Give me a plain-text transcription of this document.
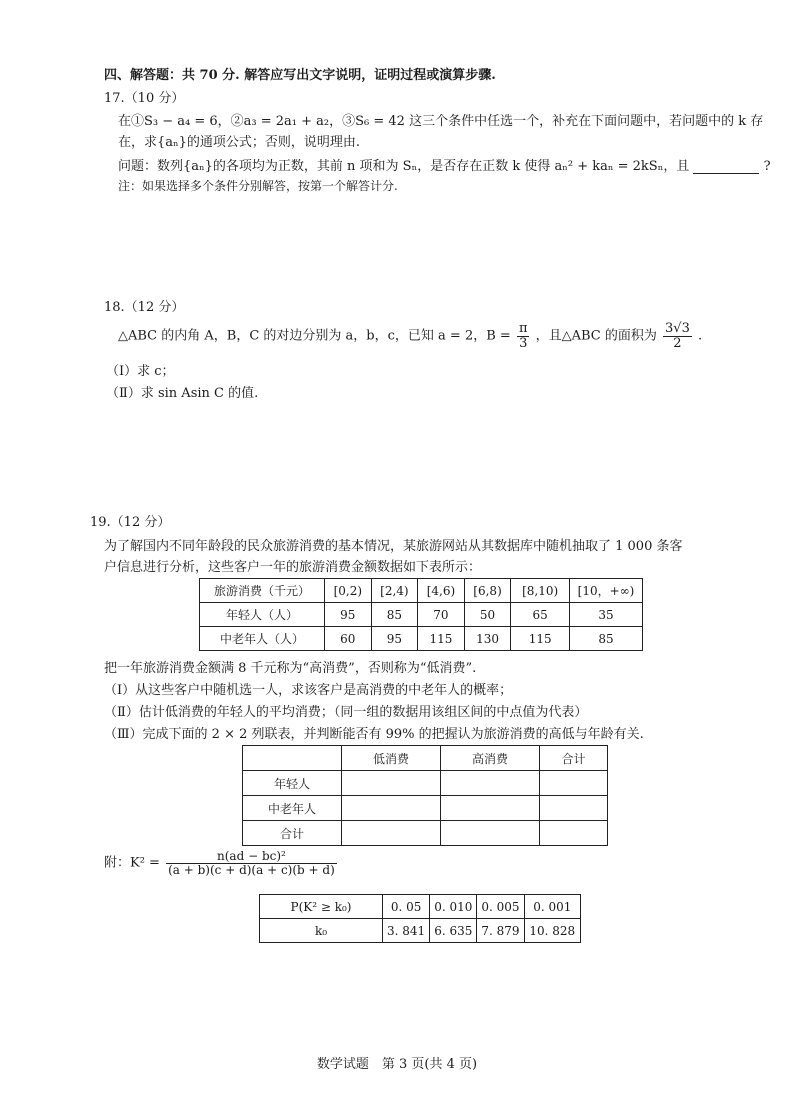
四、解答题：共 70 分. 解答应写出文字说明，证明过程或演算步骤.
17.（10 分）
在①S₃ − a₄ = 6，②a₃ = 2a₁ + a₂，③S₆ = 42 这三个条件中任选一个，补充在下面问题中，若问题中的 k 存
在，求{aₙ}的通项公式；否则，说明理由.
问题：数列{aₙ}的各项均为正数，其前 n 项和为 Sₙ，是否存在正数 k 使得 aₙ² + kaₙ = 2kSₙ，且	?
注：如果选择多个条件分别解答，按第一个解答计分.
18.（12 分）
△ABC 的内角 A，B，C 的对边分别为 a，b，c，已知 a = 2，$B = \frac{\pi}{3}$ ，且△ABC 的面积为 $\frac{3√3}{2}$ .
（Ⅰ）求 c；
（Ⅱ）求 sin Asin C 的值.
19.（12 分）
为了解国内不同年龄段的民众旅游消费的基本情况，某旅游网站从其数据库中随机抽取了 1 000 条客
户信息进行分析，这些客户一年的旅游消费金额数据如下表所示：
旅游消费（千元）	[0,2)	[2,4)	[4,6)	[6,8)	[8,10)	[10，+∞)
年轻人（人）	95	85	70	50	65	35
中老年人（人）	60	95	115	130	115	85
把一年旅游消费金额满 8 千元称为“高消费”，否则称为“低消费”.
（Ⅰ）从这些客户中随机选一人，求该客户是高消费的中老年人的概率；
（Ⅱ）估计低消费的年轻人的平均消费；（同一组的数据用该组区间的中点值为代表）
（Ⅲ）完成下面的 2 × 2 列联表，并判断能否有 99% 的把握认为旅游消费的高低与年龄有关.
	低消费	高消费	合计
年轻人			
中老年人			
合计			
附：$K^2 = \frac{\text{n(ad − bc)²}}{(a + b)(c + d)(a + c)(b + d)}$
P(K² ≥ k₀)	0. 05	0. 010	0. 005	0. 001
k₀	3. 841	6. 635	7. 879	10. 828
数学试题　第 3 页(共 4 页)
